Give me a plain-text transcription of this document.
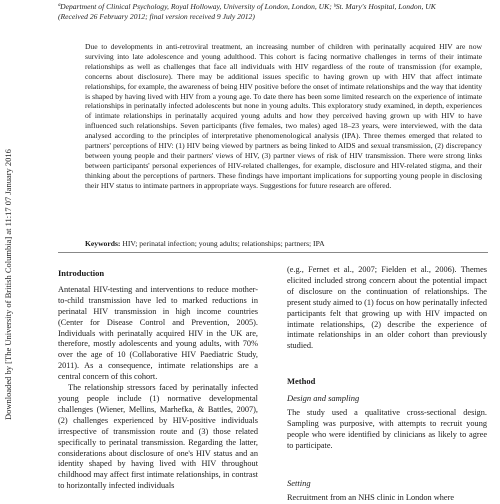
Downloaded by [The University of British Columbia] at 11:17 07 January 2016
ªDepartment of Clinical Psychology, Royal Holloway, University of London, London, UK; ᵇSt. Mary's Hospital, London, UK
(Received 26 February 2012; final version received 9 July 2012)
Due to developments in anti-retroviral treatment, an increasing number of children with perinatally acquired HIV are now surviving into late adolescence and young adulthood. This cohort is facing normative challenges in terms of their intimate relationships as well as challenges that face all individuals with HIV regardless of the route of transmission (for example, concerns about disclosure). There may be additional issues specific to having grown up with HIV that affect intimate relationships, for example, the awareness of being HIV positive before the onset of intimate relationships and the way that identity is shaped by having lived with HIV from a young age. To date there has been some limited research on the experience of intimate relationships in perinatally infected adolescents but none in young adults. This exploratory study examined, in depth, experiences of intimate relationships in perinatally acquired young adults and how they perceived having grown up with HIV to have influenced such relationships. Seven participants (five females, two males) aged 18–23 years, were interviewed, with the data analysed according to the principles of interpretative phenomenological analysis (IPA). Three themes emerged that related to partners' perceptions of HIV: (1) HIV being viewed by partners as being linked to AIDS and sexual transmission, (2) discrepancy between young people and their partners' views of HIV, (3) partner views of risk of HIV transmission. There were strong links between participants' personal experiences of HIV-related challenges, for example, disclosure and HIV-related stigma, and their thinking about the perceptions of partners. These findings have important implications for supporting young people in disclosing their HIV status to intimate partners in appropriate ways. Suggestions for future research are offered.
Keywords: HIV; perinatal infection; young adults; relationships; partners; IPA
Introduction

Antenatal HIV-testing and interventions to reduce mother-to-child transmission have led to marked reductions in perinatal HIV transmission in high income countries (Center for Disease Control and Prevention, 2005). Individuals with perinatally acquired HIV in the UK are, therefore, mostly adolescents and young adults, with 70% over the age of 10 (Collaborative HIV Paediatric Study, 2011). As a consequence, intimate relationships are a central concern of this cohort.

The relationship stressors faced by perinatally infected young people include (1) normative developmental challenges (Wiener, Mellins, Marhefka, & Battles, 2007), (2) challenges experienced by HIV-positive individuals irrespective of transmission route and (3) those related specifically to perinatal transmission. Regarding the latter, considerations about disclosure of one's HIV status and an identity shaped by having lived with HIV throughout childhood may affect first intimate relationships, in contrast to horizontally infected individuals

(e.g., Fernet et al., 2007; Fielden et al., 2006). Themes elicited included strong concern about the potential impact of disclosure on the continuation of relationships. The present study aimed to (1) focus on how perinatally infected participants felt that growing up with HIV impacted on intimate relationships, (2) describe the experience of intimate relationships in an older cohort than previously studied.

Method
Design and sampling

The study used a qualitative cross-sectional design. Sampling was purposive, with attempts to recruit young people who were identified by clinicians as likely to agree to participate.

Setting

Recruitment from an NHS clinic in London where
